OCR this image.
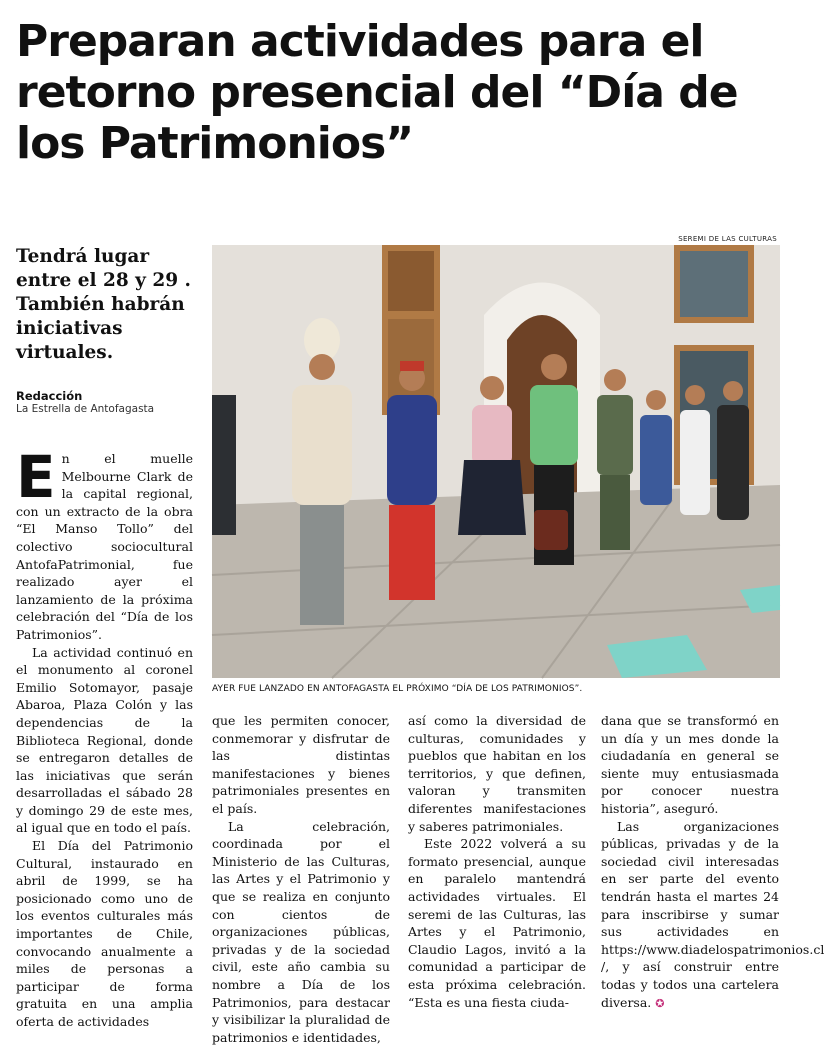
Preparan actividades para el retorno presencial del “Día de los Patrimonios”

Tendrá lugar entre el 28 y 29 . También habrán iniciativas virtuales.

Redacción
La Estrella de Antofagasta
SEREMI DE LAS CULTURAS
AYER FUE LANZADO EN ANTOFAGASTA EL PRÓXIMO “DÍA DE LOS PATRIMONIOS”.

En el muelle Melbourne Clark de la capital regional, con un extracto de la obra “El Manso Tollo” del colectivo sociocultural AntofaPatrimonial, fue realizado ayer el lanzamiento de la próxima celebración del “Día de los Patrimonios”.

La actividad continuó en el monumento al coronel Emilio Sotomayor, pasaje Abaroa, Plaza Colón y las dependencias de la Biblioteca Regional, donde se entregaron detalles de las iniciativas que serán desarrolladas el sábado 28 y domingo 29 de este mes, al igual que en todo el país.

El Día del Patrimonio Cultural, instaurado en abril de 1999, se ha posicionado como uno de los eventos culturales más importantes de Chile, convocando anualmente a miles de personas a participar de forma gratuita en una amplia oferta de actividades

que les permiten conocer, conmemorar y disfrutar de las distintas manifestaciones y bienes patrimoniales presentes en el país.

La celebración, coordinada por el Ministerio de las Culturas, las Artes y el Patrimonio y que se realiza en conjunto con cientos de organizaciones públicas, privadas y de la sociedad civil, este año cambia su nombre a Día de los Patrimonios, para destacar y visibilizar la pluralidad de patrimonios e identidades,

así como la diversidad de culturas, comunidades y pueblos que habitan en los territorios, y que definen, valoran y transmiten diferentes manifestaciones y saberes patrimoniales.

Este 2022 volverá a su formato presencial, aunque en paralelo mantendrá actividades virtuales. El seremi de las Culturas, las Artes y el Patrimonio, Claudio Lagos, invitó a la comunidad a participar de esta próxima celebración. “Esta es una fiesta ciuda-

dana que se transformó en un día y un mes donde la ciudadanía en general se siente muy entusiasmada por conocer nuestra historia”, aseguró.

Las organizaciones públicas, privadas y de la sociedad civil interesadas en ser parte del evento tendrán hasta el martes 24 para inscribirse y sumar sus actividades en https://www.diadelospatrimonios.cl /, y así construir entre todas y todos una cartelera diversa. ✪
